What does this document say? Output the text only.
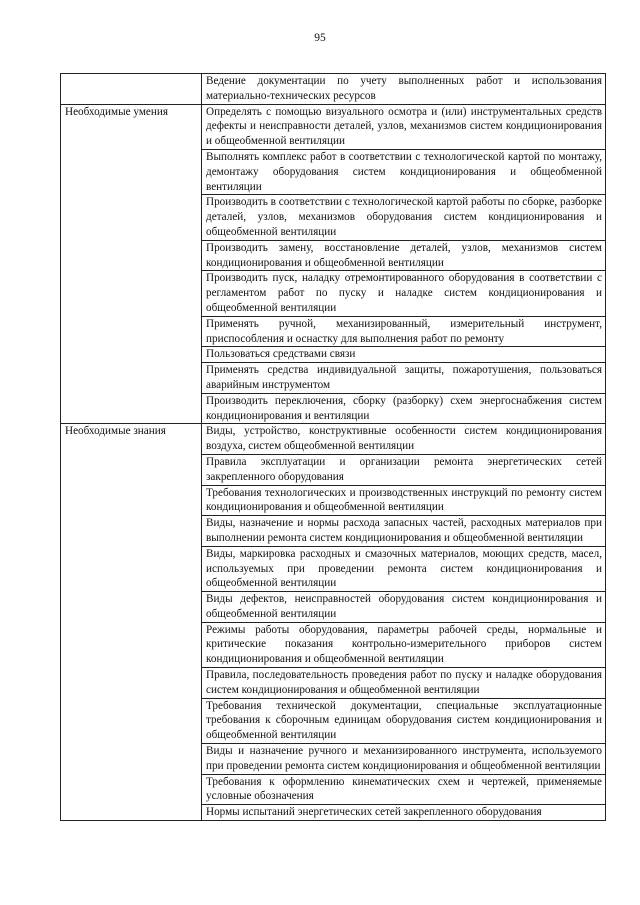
95
	Ведение документации по учету выполненных работ и использования материально-технических ресурсов
Необходимые умения	Определять с помощью визуального осмотра и (или) инструментальных средств дефекты и неисправности деталей, узлов, механизмов систем кондиционирования и общеобменной вентиляции
	Выполнять комплекс работ в соответствии с технологической картой по монтажу, демонтажу оборудования систем кондиционирования и общеобменной вентиляции
	Производить в соответствии с технологической картой работы по сборке, разборке деталей, узлов, механизмов оборудования систем кондиционирования и общеобменной вентиляции
	Производить замену, восстановление деталей, узлов, механизмов систем кондиционирования и общеобменной вентиляции
	Производить пуск, наладку отремонтированного оборудования в соответствии с регламентом работ по пуску и наладке систем кондиционирования и общеобменной вентиляции
	Применять ручной, механизированный, измерительный инструмент, приспособления и оснастку для выполнения работ по ремонту
	Пользоваться средствами связи
	Применять средства индивидуальной защиты, пожаротушения, пользоваться аварийным инструментом
	Производить переключения, сборку (разборку) схем энергоснабжения систем кондиционирования и вентиляции
Необходимые знания	Виды, устройство, конструктивные особенности систем кондиционирования воздуха, систем общеобменной вентиляции
	Правила эксплуатации и организации ремонта энергетических сетей закрепленного оборудования
	Требования технологических и производственных инструкций по ремонту систем кондиционирования и общеобменной вентиляции
	Виды, назначение и нормы расхода запасных частей, расходных материалов при выполнении ремонта систем кондиционирования и общеобменной вентиляции
	Виды, маркировка расходных и смазочных материалов, моющих средств, масел, используемых при проведении ремонта систем кондиционирования и общеобменной вентиляции
	Виды дефектов, неисправностей оборудования систем кондиционирования и общеобменной вентиляции
	Режимы работы оборудования, параметры рабочей среды, нормальные и критические показания контрольно-измерительного приборов систем кондиционирования и общеобменной вентиляции
	Правила, последовательность проведения работ по пуску и наладке оборудования систем кондиционирования и общеобменной вентиляции
	Требования технической документации, специальные эксплуатационные требования к сборочным единицам оборудования систем кондиционирования и общеобменной вентиляции
	Виды и назначение ручного и механизированного инструмента, используемого при проведении ремонта систем кондиционирования и общеобменной вентиляции
	Требования к оформлению кинематических схем и чертежей, применяемые условные обозначения
	Нормы испытаний энергетических сетей закрепленного оборудования
